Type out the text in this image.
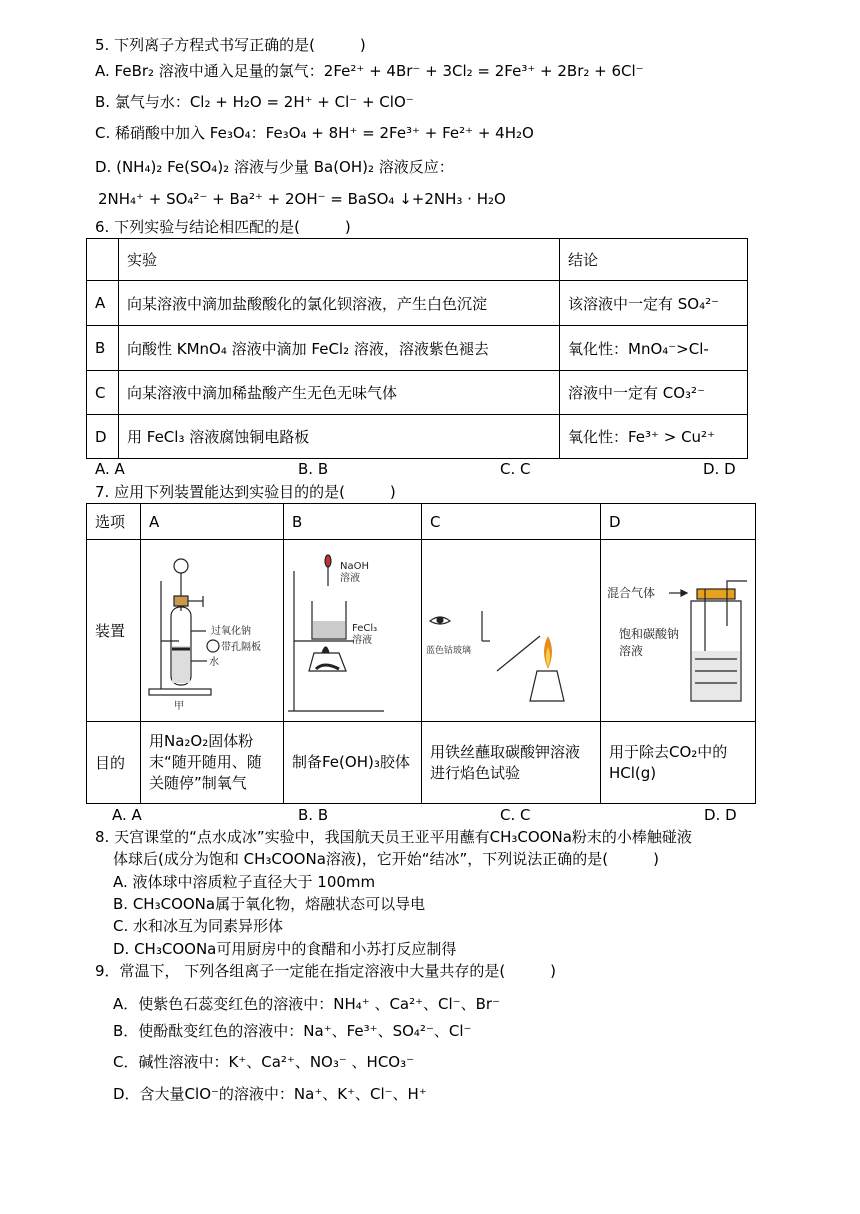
5. 下列离子方程式书写正确的是(　　　)
A. FeBr₂ 溶液中通入足量的氯气：2Fe²⁺ + 4Br⁻ + 3Cl₂ = 2Fe³⁺ + 2Br₂ + 6Cl⁻
B. 氯气与水：Cl₂ + H₂O = 2H⁺ + Cl⁻ + ClO⁻
C. 稀硝酸中加入 Fe₃O₄：Fe₃O₄ + 8H⁺ = 2Fe³⁺ + Fe²⁺ + 4H₂O
D. (NH₄)₂ Fe(SO₄)₂ 溶液与少量 Ba(OH)₂ 溶液反应：
2NH₄⁺ + SO₄²⁻ + Ba²⁺ + 2OH⁻ = BaSO₄ ↓+2NH₃ · H₂O
6. 下列实验与结论相匹配的是(　　　)
	实验	结论
A	向某溶液中滴加盐酸酸化的氯化钡溶液，产生白色沉淀	该溶液中一定有 SO₄²⁻
B	向酸性 KMnO₄ 溶液中滴加 FeCl₂ 溶液，溶液紫色褪去	氧化性：MnO₄⁻>Cl-
C	向某溶液中滴加稀盐酸产生无色无味气体	溶液中一定有 CO₃²⁻
D	用 FeCl₃ 溶液腐蚀铜电路板	氧化性：Fe³⁺ > Cu²⁺
A. A	B. B	C. C	D. D
7. 应用下列装置能达到实验目的的是(　　　)
选项	A	B	C	D
装置	过氧化钠
带孔隔板
水
甲	NaOH
溶液
FeCl₃
溶液	蓝色钴玻璃	混合气体
饱和碳酸钠
溶液

目的	用Na₂O₂固体粉末“随开随用、随关随停”制氧气	制备Fe(OH)₃胶体	用铁丝蘸取碳酸钾溶液进行焰色试验	用于除去CO₂中的HCl(g)
A. A	B. B	C. C	D. D
8. 天宫课堂的“点水成冰”实验中，我国航天员王亚平用蘸有CH₃COONa粉末的小棒触碰液
体球后(成分为饱和 CH₃COONa溶液)，它开始“结冰”，下列说法正确的是(　　　)
A. 液体球中溶质粒子直径大于 100mm
B. CH₃COONa属于氧化物，熔融状态可以导电
C. 水和冰互为同素异形体
D. CH₃COONa可用厨房中的食醋和小苏打反应制得
9．常温下， 下列各组离子一定能在指定溶液中大量共存的是(　　　)
A．使紫色石蕊变红色的溶液中：NH₄⁺ 、Ca²⁺、Cl⁻、Br⁻
B．使酚酞变红色的溶液中：Na⁺、Fe³⁺、SO₄²⁻、Cl⁻
C．碱性溶液中：K⁺、Ca²⁺、NO₃⁻ 、HCO₃⁻
D．含大量ClO⁻的溶液中：Na⁺、K⁺、Cl⁻、H⁺
